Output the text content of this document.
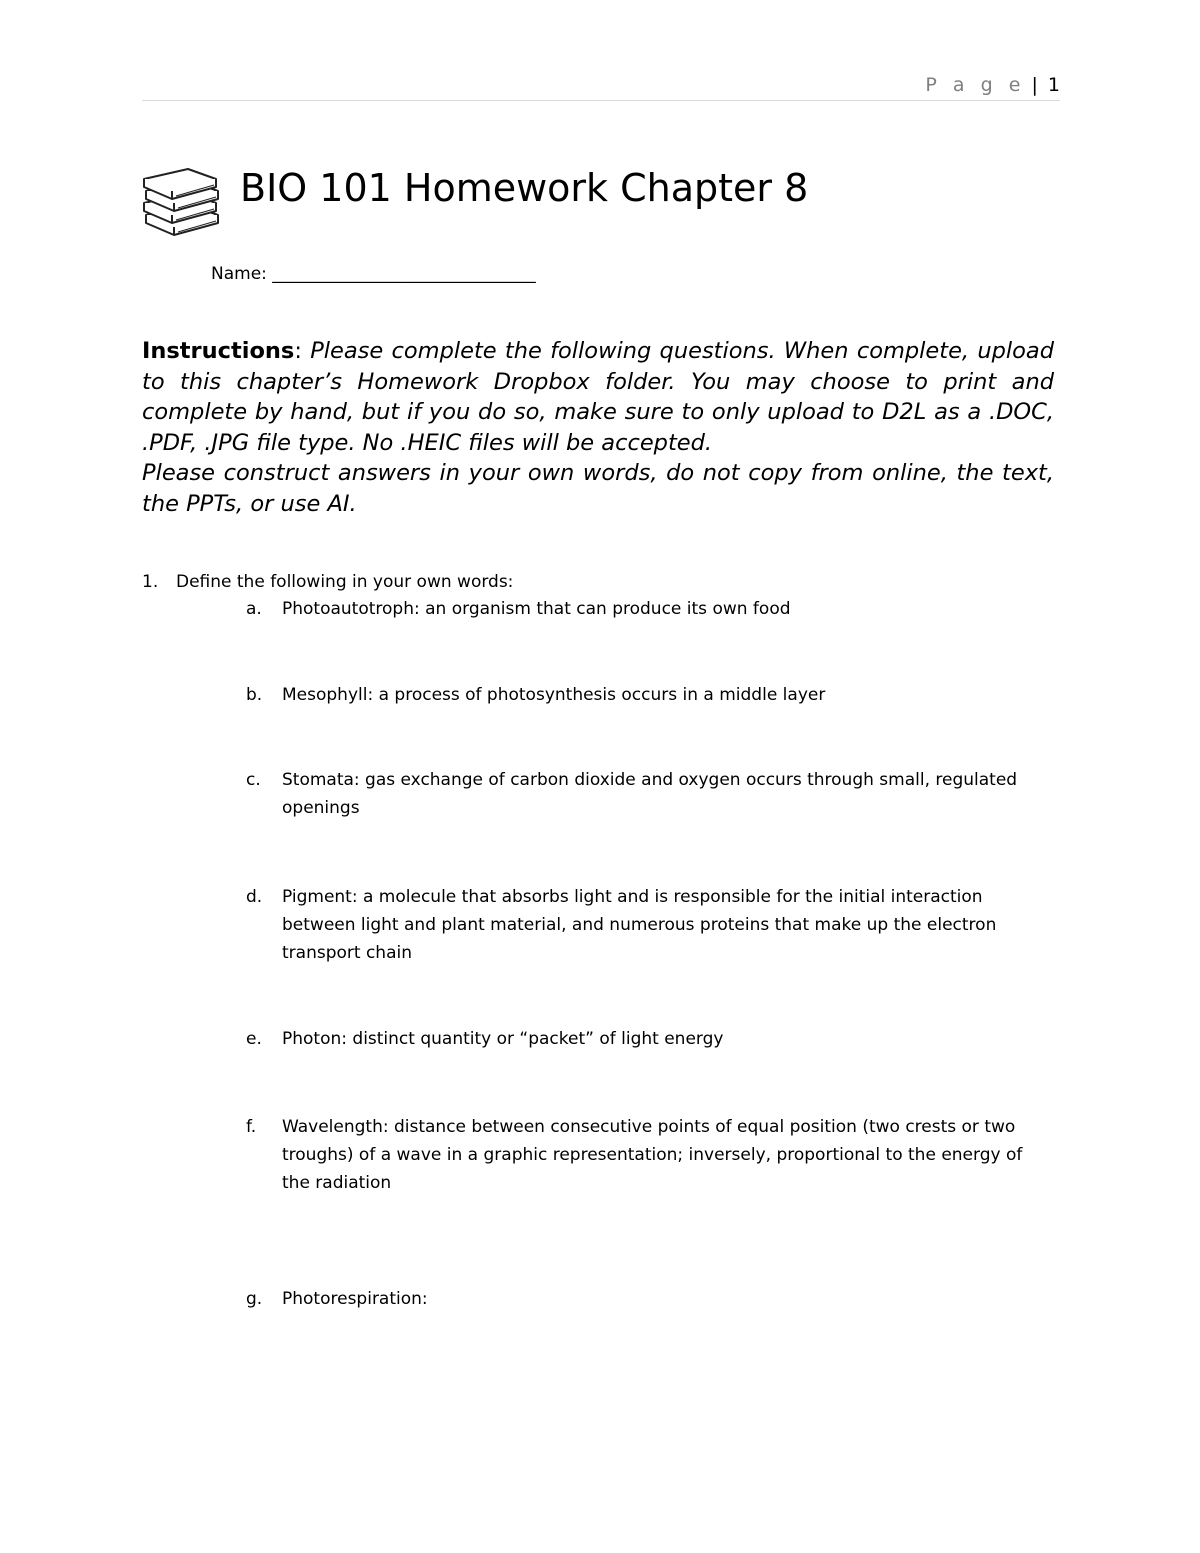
P a g e | 1
BIO 101 Homework Chapter 8
Name: _______________________________

Instructions: Please complete the following questions. When complete, upload to this chapter’s Homework Dropbox folder. You may choose to print and complete by hand, but if you do so, make sure to only upload to D2L as a .DOC, .PDF, .JPG file type. No .HEIC files will be accepted.
Please construct answers in your own words, do not copy from online, the text, the PPTs, or use AI.

1. Define the following in your own words:
a. Photoautotroph: an organism that can produce its own food
b. Mesophyll: a process of photosynthesis occurs in a middle layer
c. Stomata: gas exchange of carbon dioxide and oxygen occurs through small, regulated openings
d. Pigment: a molecule that absorbs light and is responsible for the initial interaction between light and plant material, and numerous proteins that make up the electron transport chain
e. Photon: distinct quantity or “packet” of light energy
f. Wavelength: distance between consecutive points of equal position (two crests or two troughs) of a wave in a graphic representation; inversely, proportional to the energy of the radiation
g. Photorespiration:
